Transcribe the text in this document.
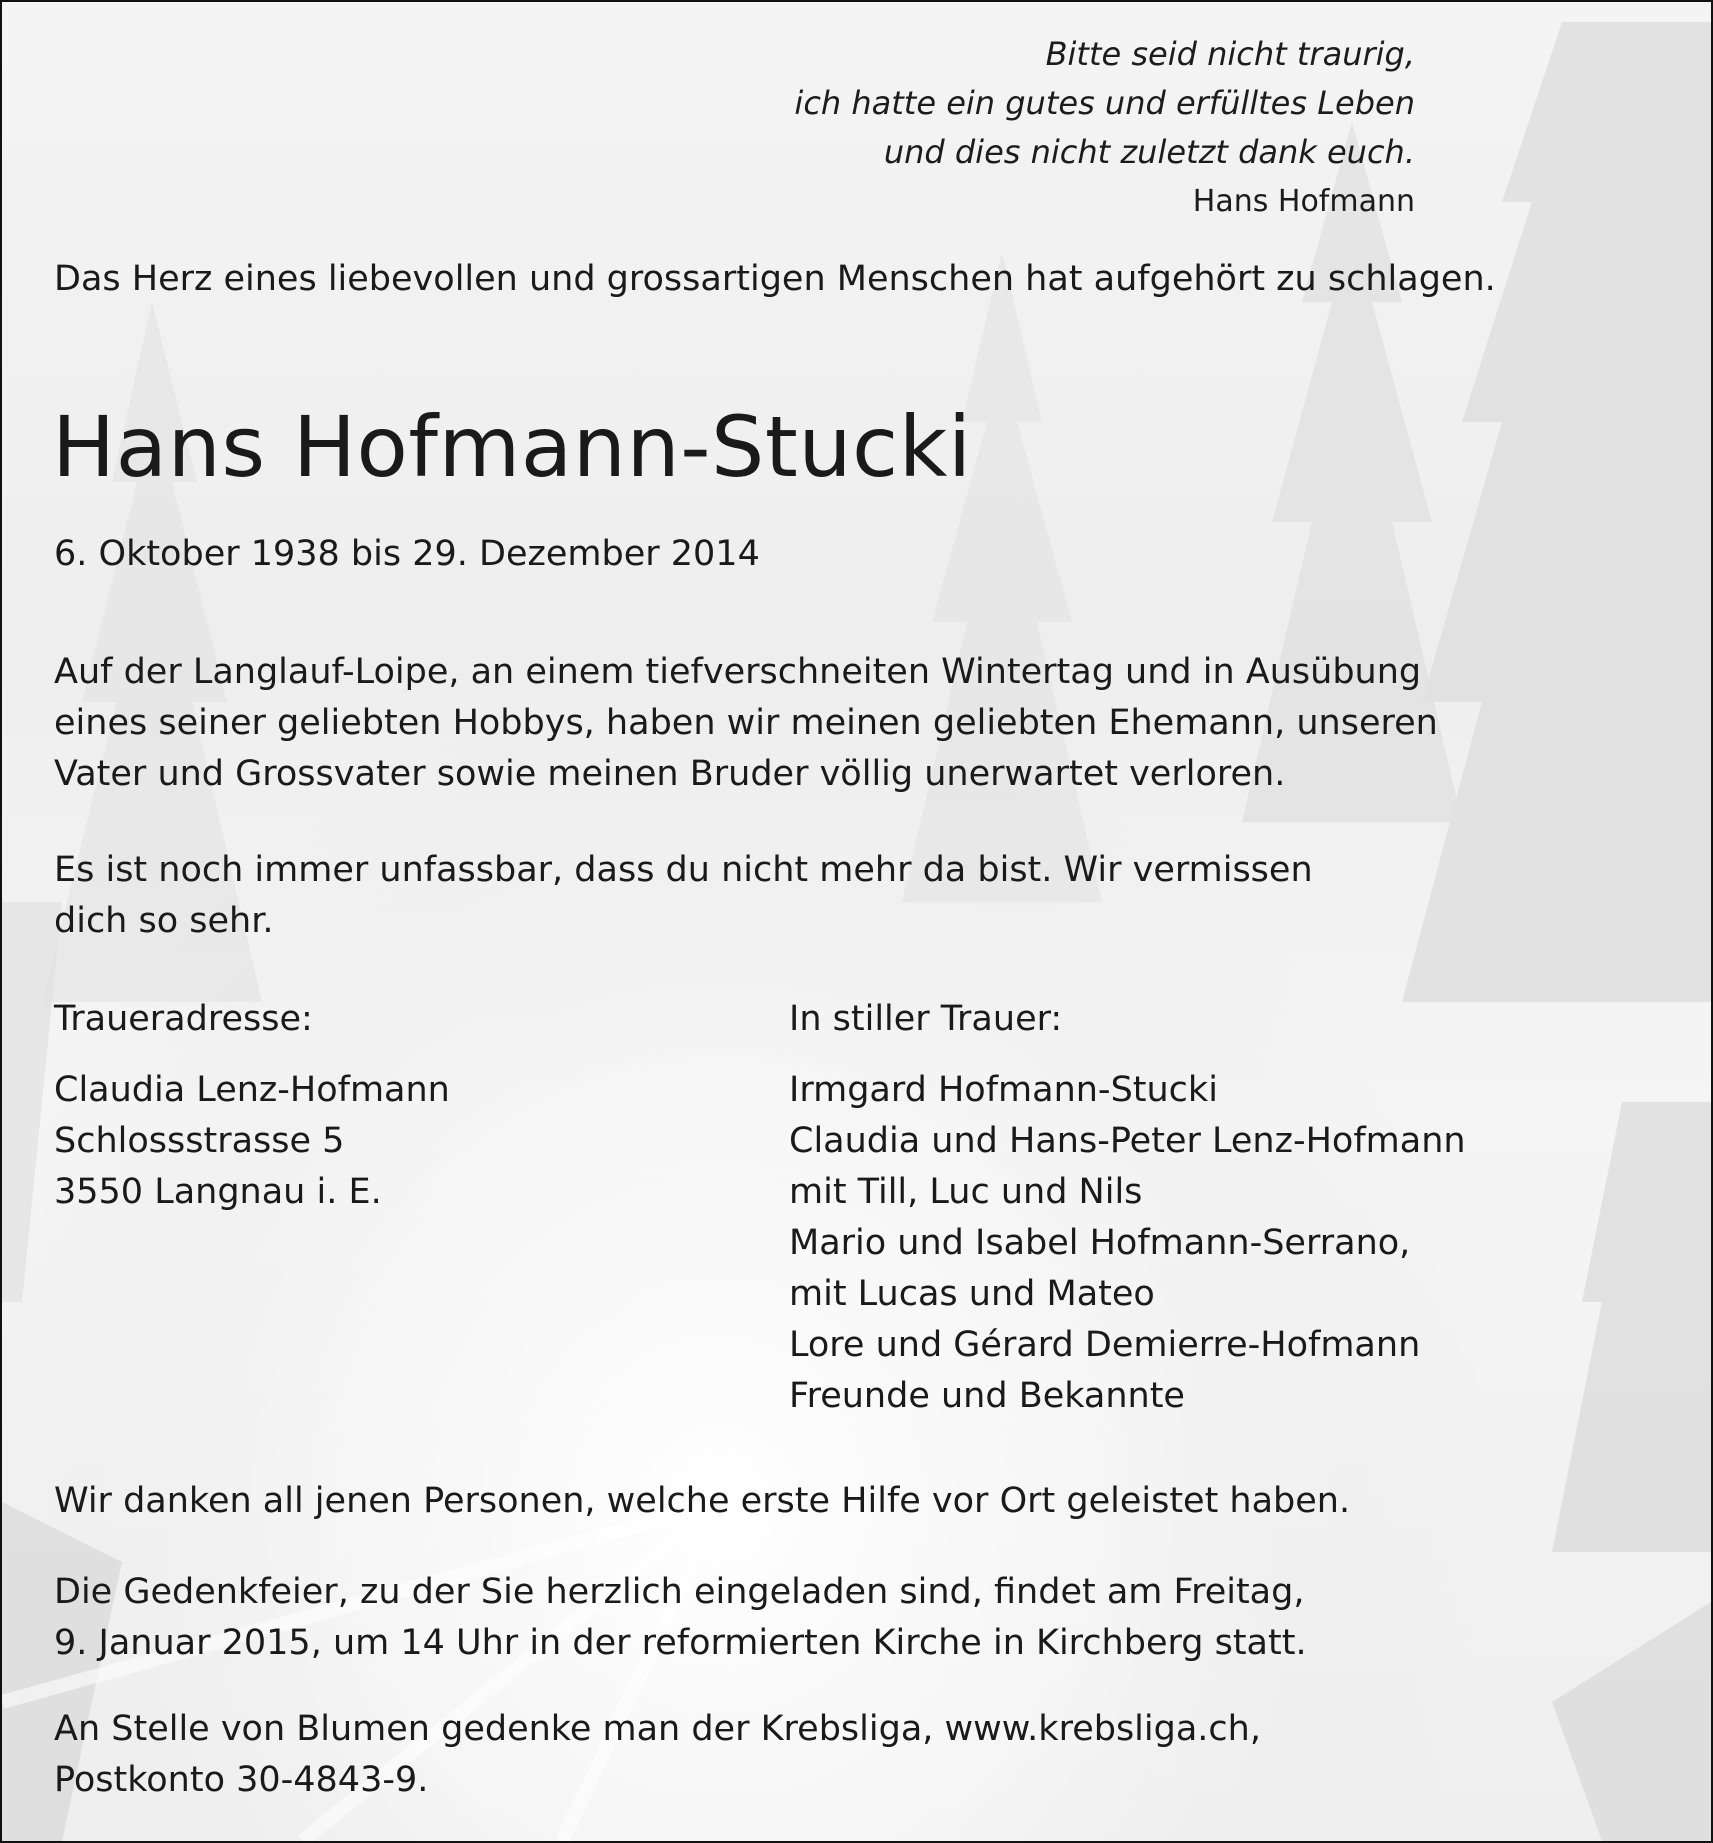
Bitte seid nicht traurig,
ich hatte ein gutes und erfülltes Leben
und dies nicht zuletzt dank euch.
Hans Hofmann
Das Herz eines liebevollen und grossartigen Menschen hat aufgehört zu schlagen.
Hans Hofmann-Stucki
6. Oktober 1938 bis 29. Dezember 2014
Auf der Langlauf-Loipe, an einem tiefverschneiten Wintertag und in Ausübung
eines seiner geliebten Hobbys, haben wir meinen geliebten Ehemann, unseren
Vater und Grossvater sowie meinen Bruder völlig unerwartet verloren.
Es ist noch immer unfassbar, dass du nicht mehr da bist. Wir vermissen
dich so sehr.
Traueradresse:
Claudia Lenz-Hofmann
Schlossstrasse 5
3550 Langnau i. E.
In stiller Trauer:
Irmgard Hofmann-Stucki
Claudia und Hans-Peter Lenz-Hofmann
mit Till, Luc und Nils
Mario und Isabel Hofmann-Serrano,
mit Lucas und Mateo
Lore und Gérard Demierre-Hofmann
Freunde und Bekannte
Wir danken all jenen Personen, welche erste Hilfe vor Ort geleistet haben.
Die Gedenkfeier, zu der Sie herzlich eingeladen sind, findet am Freitag,
9. Januar 2015, um 14 Uhr in der reformierten Kirche in Kirchberg statt.
An Stelle von Blumen gedenke man der Krebsliga, www.krebsliga.ch,
Postkonto 30-4843-9.
